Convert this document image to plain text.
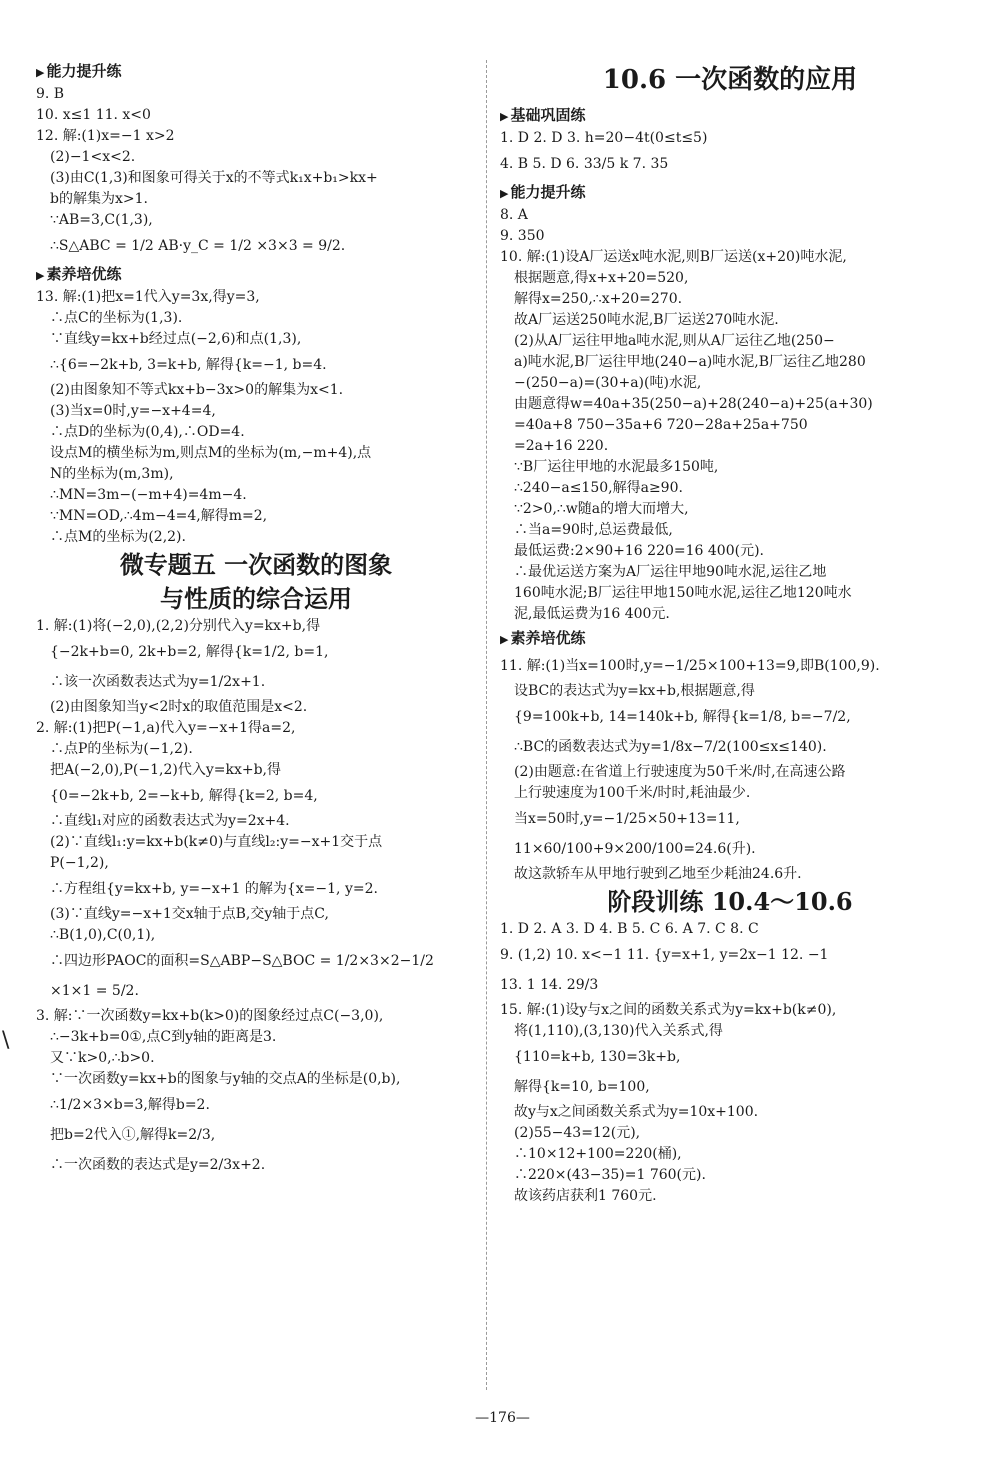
▶ 能力提升练
9. B
10. x≤1 11. x<0
12. 解:(1)x=−1 x>2
(2)−1<x<2.
(3)由C(1,3)和图象可得关于x的不等式k₁x+b₁>kx+
b的解集为x>1.
∵AB=3,C(1,3),
∴S△ABC = 1/2 AB·y_C = 1/2 ×3×3 = 9/2.
▶ 素养培优练
13. 解:(1)把x=1代入y=3x,得y=3,
∴点C的坐标为(1,3).
∵直线y=kx+b经过点(−2,6)和点(1,3),
∴{6=−2k+b, 3=k+b, 解得{k=−1, b=4.
(2)由图象知不等式kx+b−3x>0的解集为x<1.
(3)当x=0时,y=−x+4=4,
∴点D的坐标为(0,4),∴OD=4.
设点M的横坐标为m,则点M的坐标为(m,−m+4),点
N的坐标为(m,3m),
∴MN=3m−(−m+4)=4m−4.
∵MN=OD,∴4m−4=4,解得m=2,
∴点M的坐标为(2,2).
微专题五 一次函数的图象
与性质的综合运用
1. 解:(1)将(−2,0),(2,2)分别代入y=kx+b,得
{−2k+b=0, 2k+b=2, 解得{k=1/2, b=1,
∴该一次函数表达式为y=1/2x+1.
(2)由图象知当y<2时x的取值范围是x<2.
2. 解:(1)把P(−1,a)代入y=−x+1得a=2,
∴点P的坐标为(−1,2).
把A(−2,0),P(−1,2)代入y=kx+b,得
{0=−2k+b, 2=−k+b, 解得{k=2, b=4,
∴直线l₁对应的函数表达式为y=2x+4.
(2)∵直线l₁:y=kx+b(k≠0)与直线l₂:y=−x+1交于点
P(−1,2),
∴方程组{y=kx+b, y=−x+1 的解为{x=−1, y=2.
(3)∵直线y=−x+1交x轴于点B,交y轴于点C,
∴B(1,0),C(0,1),
∴四边形PAOC的面积=S△ABP−S△BOC = 1/2×3×2−1/2
×1×1 = 5/2.
3. 解:∵一次函数y=kx+b(k>0)的图象经过点C(−3,0),
∴−3k+b=0①,点C到y轴的距离是3.
又∵k>0,∴b>0.
∵一次函数y=kx+b的图象与y轴的交点A的坐标是(0,b),
∴1/2×3×b=3,解得b=2.
把b=2代入①,解得k=2/3,
∴一次函数的表达式是y=2/3x+2.
10.6 一次函数的应用
▶ 基础巩固练
1. D 2. D 3. h=20−4t(0≤t≤5)
4. B 5. D 6. 33/5 k 7. 35
▶ 能力提升练
8. A
9. 350
10. 解:(1)设A厂运送x吨水泥,则B厂运送(x+20)吨水泥,
根据题意,得x+x+20=520,
解得x=250,∴x+20=270.
故A厂运送250吨水泥,B厂运送270吨水泥.
(2)从A厂运往甲地a吨水泥,则从A厂运往乙地(250−
a)吨水泥,B厂运往甲地(240−a)吨水泥,B厂运往乙地280
−(250−a)=(30+a)(吨)水泥,
由题意得w=40a+35(250−a)+28(240−a)+25(a+30)
=40a+8 750−35a+6 720−28a+25a+750
=2a+16 220.
∵B厂运往甲地的水泥最多150吨,
∴240−a≤150,解得a≥90.
∵2>0,∴w随a的增大而增大,
∴当a=90时,总运费最低,
最低运费:2×90+16 220=16 400(元).
∴最优运送方案为A厂运往甲地90吨水泥,运往乙地
160吨水泥;B厂运往甲地150吨水泥,运往乙地120吨水
泥,最低运费为16 400元.
▶ 素养培优练
11. 解:(1)当x=100时,y=−1/25×100+13=9,即B(100,9).
设BC的表达式为y=kx+b,根据题意,得
{9=100k+b, 14=140k+b, 解得{k=1/8, b=−7/2,
∴BC的函数表达式为y=1/8x−7/2(100≤x≤140).
(2)由题意:在省道上行驶速度为50千米/时,在高速公路
上行驶速度为100千米/时时,耗油最少.
当x=50时,y=−1/25×50+13=11,
11×60/100+9×200/100=24.6(升).
故这款轿车从甲地行驶到乙地至少耗油24.6升.
阶段训练 10.4～10.6
1. D 2. A 3. D 4. B 5. C 6. A 7. C 8. C
9. (1,2) 10. x<−1 11. {y=x+1, y=2x−1 12. −1
13. 1 14. 29/3
15. 解:(1)设y与x之间的函数关系式为y=kx+b(k≠0),
将(1,110),(3,130)代入关系式,得
{110=k+b, 130=3k+b,
解得{k=10, b=100,
故y与x之间函数关系式为y=10x+100.
(2)55−43=12(元),
∴10×12+100=220(桶),
∴220×(43−35)=1 760(元).
故该药店获利1 760元.
\
—176—
